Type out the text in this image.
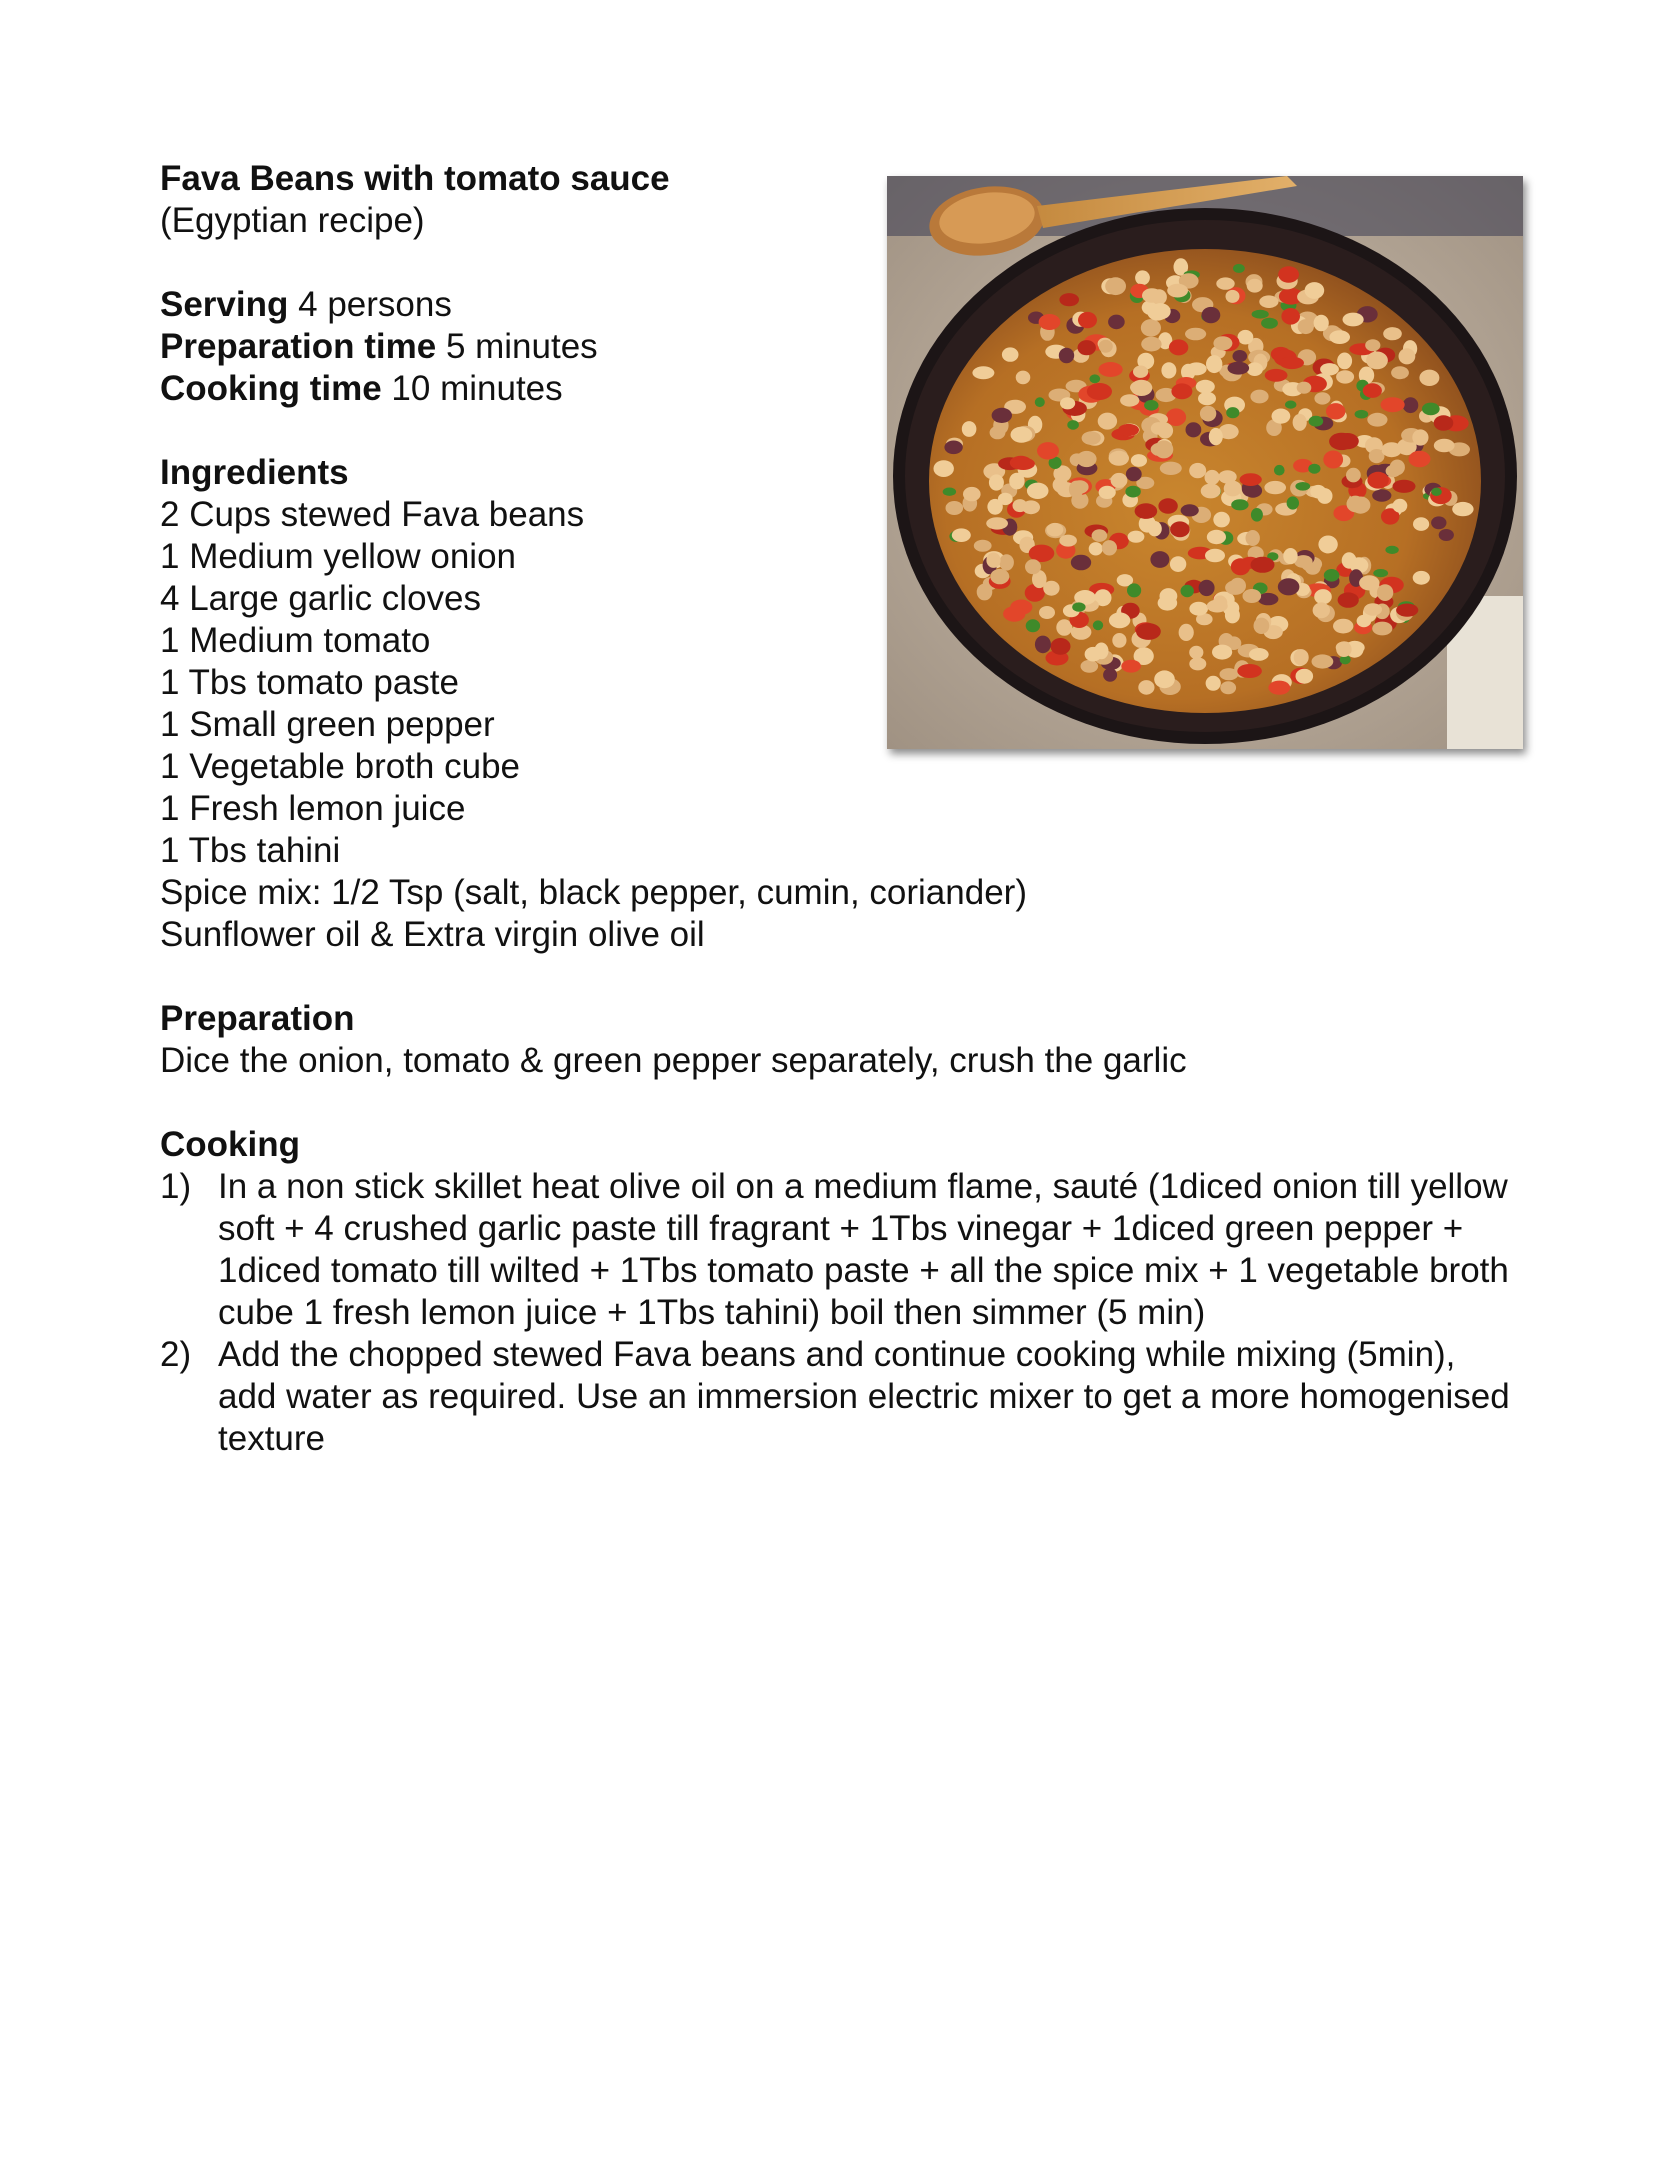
Fava Beans with tomato sauce
(Egyptian recipe)
Serving 4 persons
Preparation time 5 minutes
Cooking time 10 minutes
Ingredients
2 Cups stewed Fava beans
1 Medium yellow onion
4 Large garlic cloves
1 Medium tomato
1 Tbs tomato paste
1 Small green pepper
1 Vegetable broth cube
1 Fresh lemon juice
1 Tbs tahini
Spice mix: 1/2 Tsp (salt, black pepper, cumin, coriander)
Sunflower oil & Extra virgin olive oil
Preparation
Dice the onion, tomato & green pepper separately, crush the garlic
Cooking
1) In a non stick skillet heat olive oil on a medium flame, sauté (1diced onion till yellow soft + 4 crushed garlic paste till fragrant + 1Tbs vinegar + 1diced green pepper + 1diced tomato till wilted + 1Tbs tomato paste + all the spice mix + 1 vegetable broth cube 1 fresh lemon juice + 1Tbs tahini) boil then simmer (5 min)
2) Add the chopped stewed Fava beans and continue cooking while mixing (5min), add water as required. Use an immersion electric mixer to get a more homogenised texture
